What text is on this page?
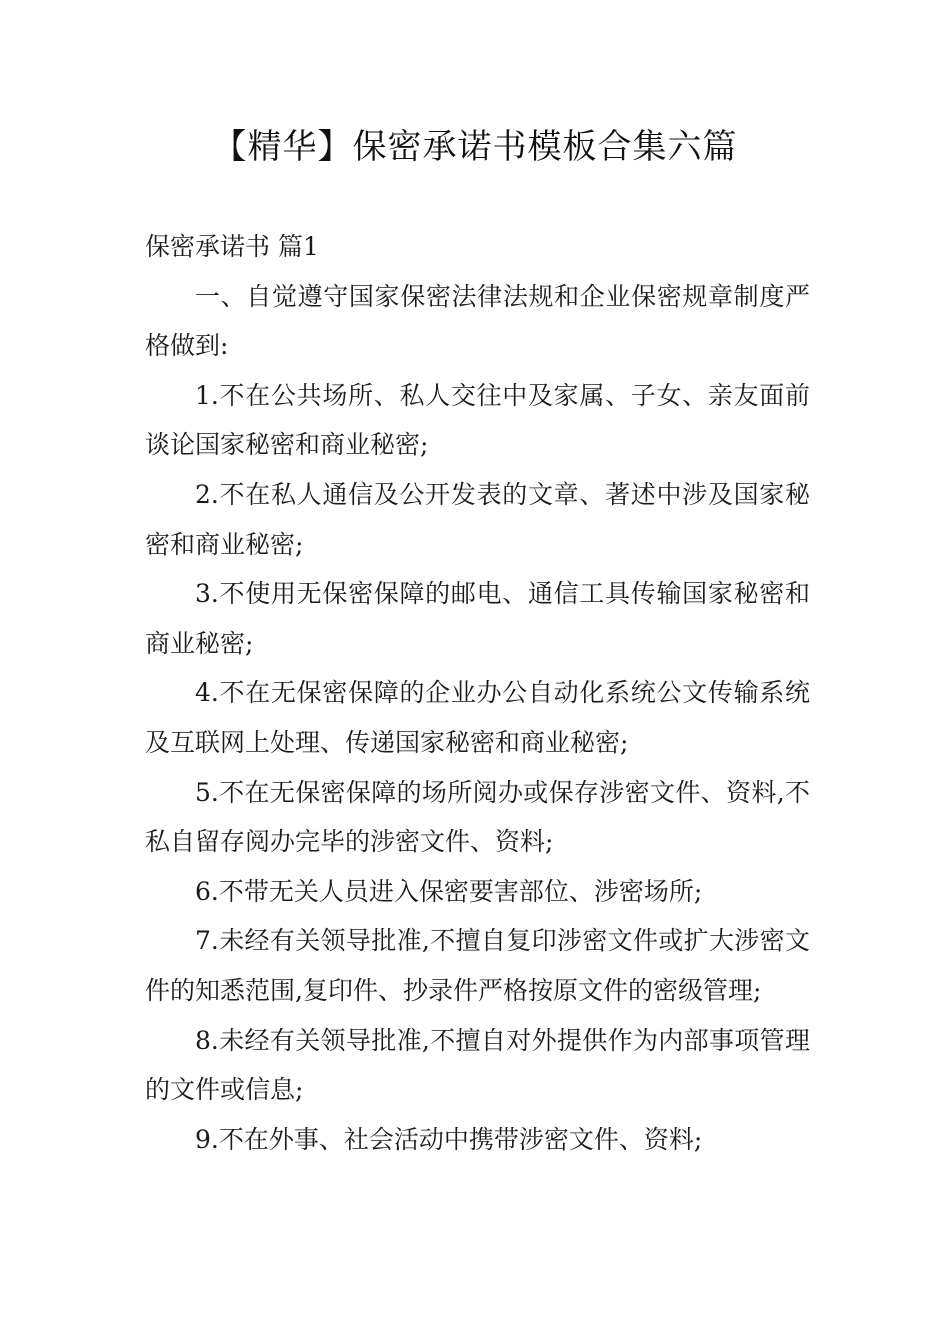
【精华】保密承诺书模板合集六篇

保密承诺书 篇1

一、自觉遵守国家保密法律法规和企业保密规章制度严格做到:

1.不在公共场所、私人交往中及家属、子女、亲友面前谈论国家秘密和商业秘密;

2.不在私人通信及公开发表的文章、著述中涉及国家秘密和商业秘密;

3.不使用无保密保障的邮电、通信工具传输国家秘密和商业秘密;

4.不在无保密保障的企业办公自动化系统公文传输系统及互联网上处理、传递国家秘密和商业秘密;

5.不在无保密保障的场所阅办或保存涉密文件、资料,不私自留存阅办完毕的涉密文件、资料;

6.不带无关人员进入保密要害部位、涉密场所;

7.未经有关领导批准,不擅自复印涉密文件或扩大涉密文件的知悉范围,复印件、抄录件严格按原文件的密级管理;

8.未经有关领导批准,不擅自对外提供作为内部事项管理的文件或信息;

9.不在外事、社会活动中携带涉密文件、资料;
